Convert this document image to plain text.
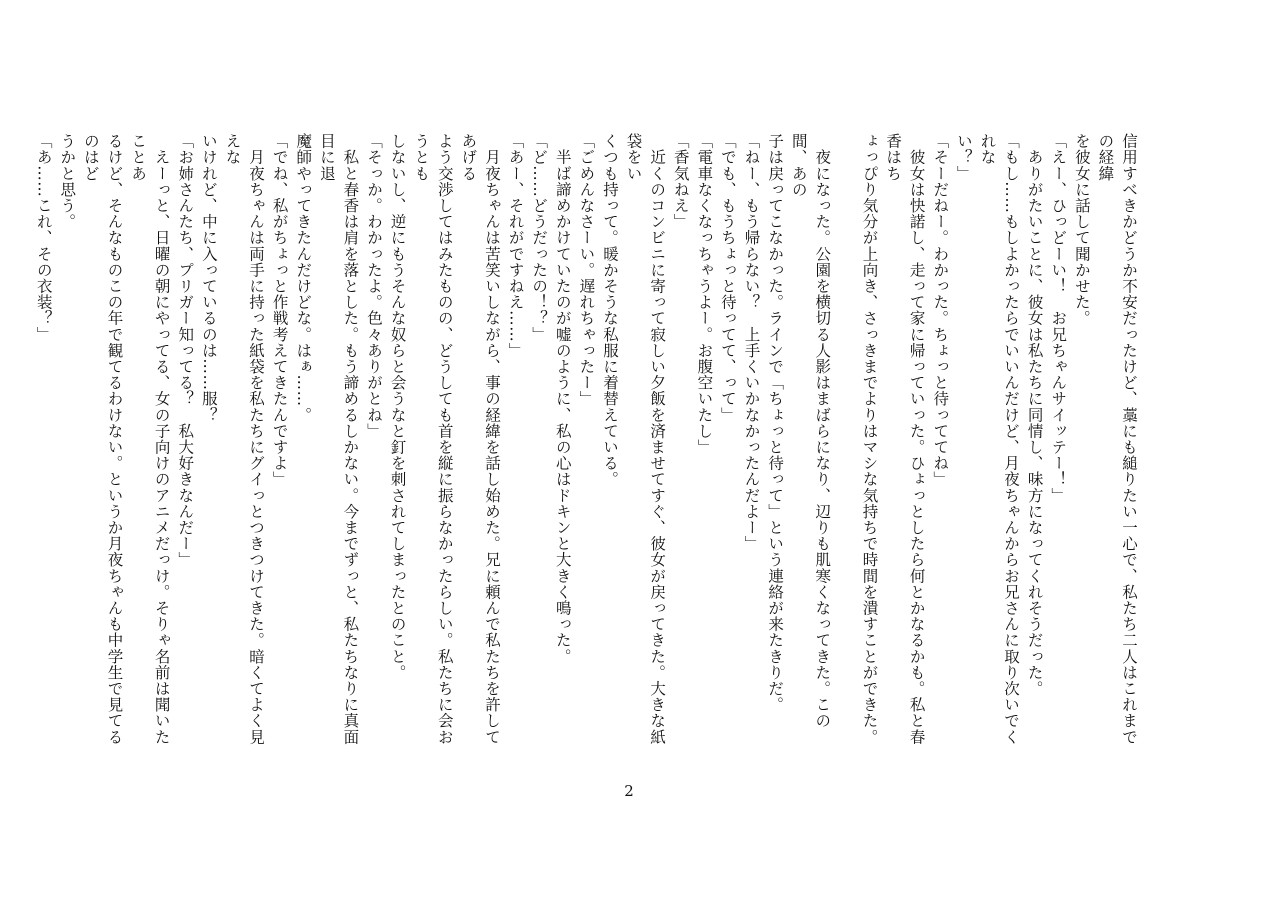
信用すべきかどうか不安だったけど、藁にも縋りたい一心で、私たち二人はこれまでの経緯

を彼女に話して聞かせた。

「えー、ひっどーい！　お兄ちゃんサイッテー！」

　ありがたいことに、彼女は私たちに同情し、味方になってくれそうだった。

「もし……もしよかったらでいいんだけど、月夜ちゃんからお兄さんに取り次いでくれな

い？」

「そーだねー。わかった。ちょっと待っててね」

　彼女は快諾し、走って家に帰っていった。ひょっとしたら何とかなるかも。私と春香はち

ょっぴり気分が上向き、さっきまでよりはマシな気持ちで時間を潰すことができた。

　夜になった。公園を横切る人影はまばらになり、辺りも肌寒くなってきた。この間、あの

子は戻ってこなかった。ラインで「ちょっと待って」という連絡が来たきりだ。

「ねー、もう帰らない？　上手くいかなかったんだよー」

「でも、もうちょっと待ってて、って」

「電車なくなっちゃうよー。お腹空いたし」

「香気ねえ」

　近くのコンビニに寄って寂しい夕飯を済ませてすぐ、彼女が戻ってきた。大きな紙袋をい

くつも持って。暖かそうな私服に着替えている。

「ごめんなさーい。遅れちゃったー」

　半ば諦めかけていたのが嘘のように、私の心はドキンと大きく鳴った。

「ど……どうだったの！？」

「あー、それがですねえ……」

　月夜ちゃんは苦笑いしながら、事の経緯を話し始めた。兄に頼んで私たちを許してあげる

よう交渉してはみたものの、どうしても首を縦に振らなかったらしい。私たちに会おうとも

しないし、逆にもうそんな奴らと会うなと釘を刺されてしまったとのこと。

「そっか。わかったよ。色々ありがとね」

　私と春香は肩を落とした。もう諦めるしかない。今までずっと、私たちなりに真面目に退

魔師やってきたんだけどな。はぁ……。

「でね、私がちょっと作戦考えてきたんですよ」

　月夜ちゃんは両手に持った紙袋を私たちにグイっとつきつけてきた。暗くてよく見えな

いけれど、中に入っているのは……服？

「お姉さんたち、プリガー知ってる？　私大好きなんだー」

　えーっと、日曜の朝にやってる、女の子向けのアニメだっけ。そりゃ名前は聞いたことあ

るけど、そんなものこの年で観てるわけない。というか月夜ちゃんも中学生で見てるのはど

うかと思う。

「あ……これ、その衣装？」

2
